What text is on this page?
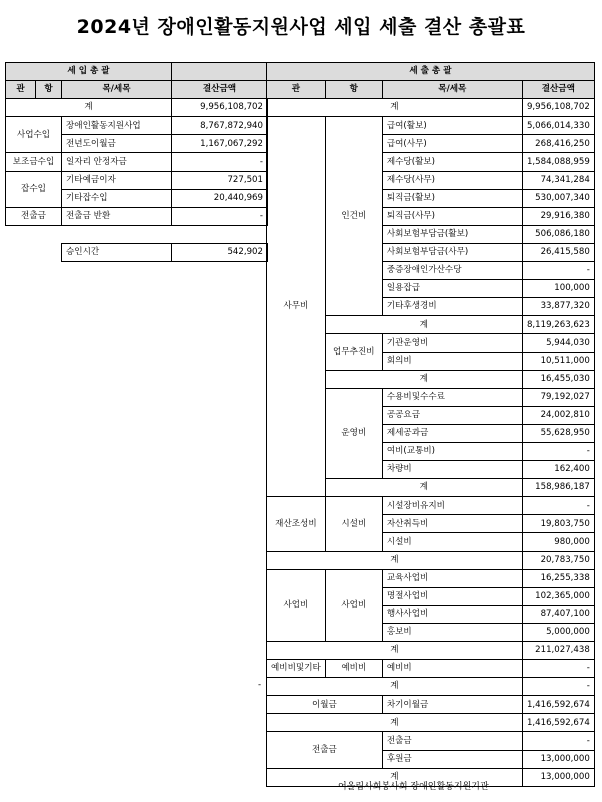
2024년 장애인활동지원사업 세입 세출 결산 총괄표
세 입 총 괄			
관	항	목/세목	결산금액
계			9,956,108,702
사업수입		장애인활동지원사업	8,767,872,940
		전년도이월금	1,167,067,292
보조금수입		일자리 안정자금	-
잡수입		기타예금이자	727,501
		기타잡수입	20,440,969
전출금		전출금 반환	-

		승인시간	542,902
-
세 출 총 괄			
관	항	목/세목	결산금액
계			9,956,108,702
사무비	인건비	급여(활보)	5,066,014,330
		급여(사무)	268,416,250
		제수당(활보)	1,584,088,959
		제수당(사무)	74,341,284
		퇴직금(활보)	530,007,340
		퇴직금(사무)	29,916,380
		사회보험부담금(활보)	506,086,180
		사회보험부담금(사무)	26,415,580
		중증장애인가산수당	-
		일용잡급	100,000
		기타후생경비	33,877,320
	계		8,119,263,623
	업무추진비	기관운영비	5,944,030
		회의비	10,511,000
	계		16,455,030
	운영비	수용비및수수료	79,192,027
		공공요금	24,002,810
		제세공과금	55,628,950
		여비(교통비)	-
		차량비	162,400
	계		158,986,187
재산조성비	시설비	시설장비유지비	-
		자산취득비	19,803,750
		시설비	980,000
계			20,783,750
사업비	사업비	교육사업비	16,255,338
		명절사업비	102,365,000
		행사사업비	87,407,100
		홍보비	5,000,000
계			211,027,438
예비비및기타	예비비	예비비	-
계			-
이월금		차기이월금	1,416,592,674
계			1,416,592,674
전출금		전출금	-
		후원금	13,000,000
계			13,000,000
어울림사회봉사회 장애인활동지원기관
